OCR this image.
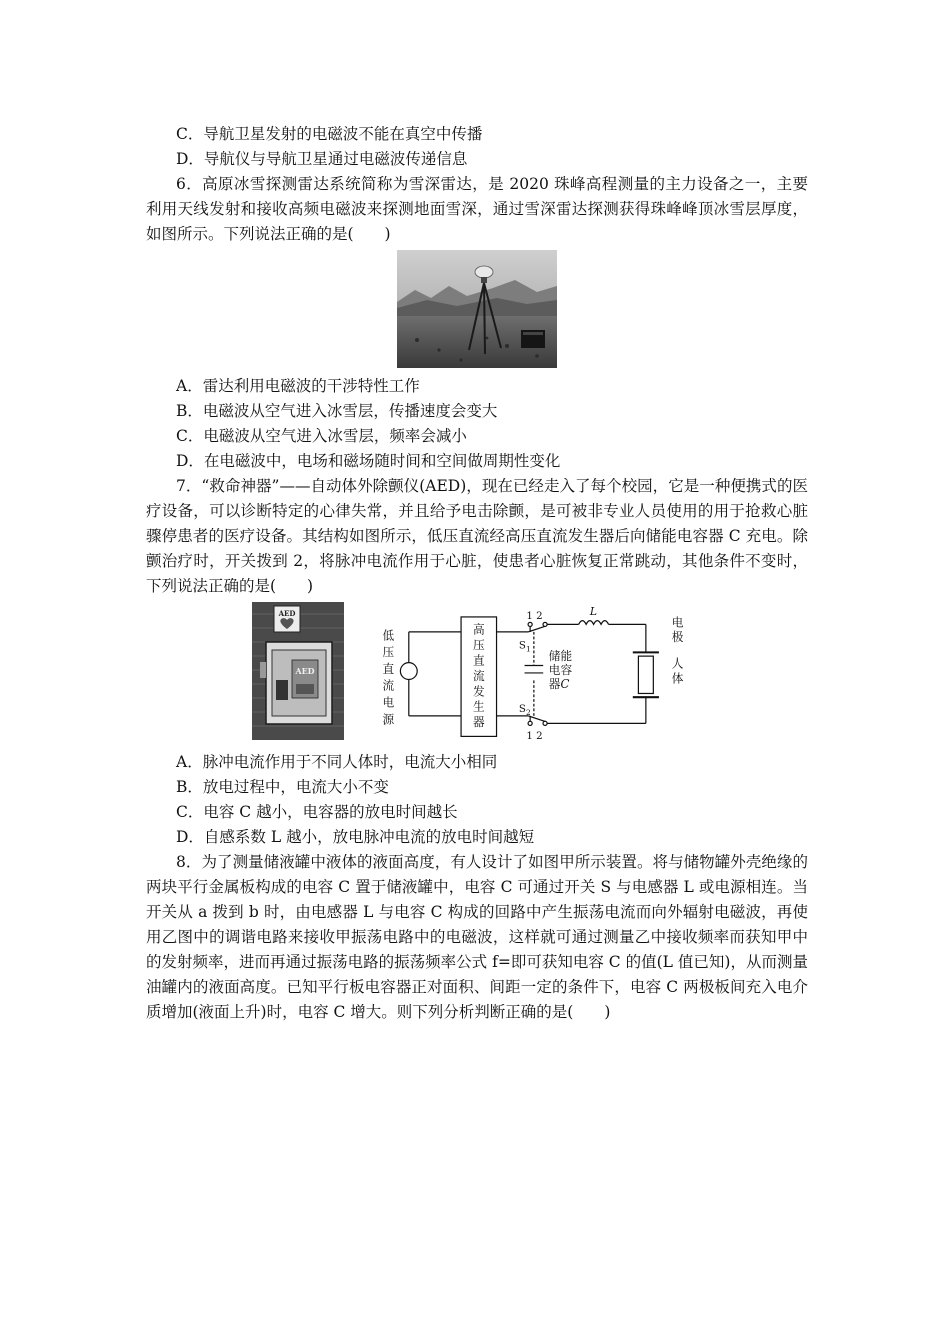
C．导航卫星发射的电磁波不能在真空中传播
D．导航仪与导航卫星通过电磁波传递信息
6．高原冰雪探测雷达系统简称为雪深雷达，是 2020 珠峰高程测量的主力设备之一，主要利用天线发射和接收高频电磁波来探测地面雪深，通过雪深雷达探测获得珠峰峰顶冰雪层厚度，如图所示。下列说法正确的是(　　)
A．雷达利用电磁波的干涉特性工作
B．电磁波从空气进入冰雪层，传播速度会变大
C．电磁波从空气进入冰雪层，频率会减小
D．在电磁波中，电场和磁场随时间和空间做周期性变化
7．“救命神器”——自动体外除颤仪(AED)，现在已经走入了每个校园，它是一种便携式的医疗设备，可以诊断特定的心律失常，并且给予电击除颤，是可被非专业人员使用的用于抢救心脏骤停患者的医疗设备。其结构如图所示，低压直流经高压直流发生器后向储能电容器 C 充电。除颤治疗时，开关拨到 2，将脉冲电流作用于心脏，使患者心脏恢复正常跳动，其他条件不变时，下列说法正确的是(　　)
AED
AED
低压直流电源
高压直流发生器
储能电容器C
电极
人体
$S_1$
$S_2$
1 2
1 2
L
A．脉冲电流作用于不同人体时，电流大小相同
B．放电过程中，电流大小不变
C．电容 C 越小，电容器的放电时间越长
D．自感系数 L 越小，放电脉冲电流的放电时间越短
8．为了测量储液罐中液体的液面高度，有人设计了如图甲所示装置。将与储物罐外壳绝缘的两块平行金属板构成的电容 C 置于储液罐中，电容 C 可通过开关 S 与电感器 L 或电源相连。当开关从 a 拨到 b 时，由电感器 L 与电容 C 构成的回路中产生振荡电流而向外辐射电磁波，再使用乙图中的调谐电路来接收甲振荡电路中的电磁波，这样就可通过测量乙中接收频率而获知甲中的发射频率，进而再通过振荡电路的振荡频率公式 f=即可获知电容 C 的值(L 值已知)，从而测量油罐内的液面高度。已知平行板电容器正对面积、间距一定的条件下，电容 C 两极板间充入电介质增加(液面上升)时，电容 C 增大。则下列分析判断正确的是(　　)
